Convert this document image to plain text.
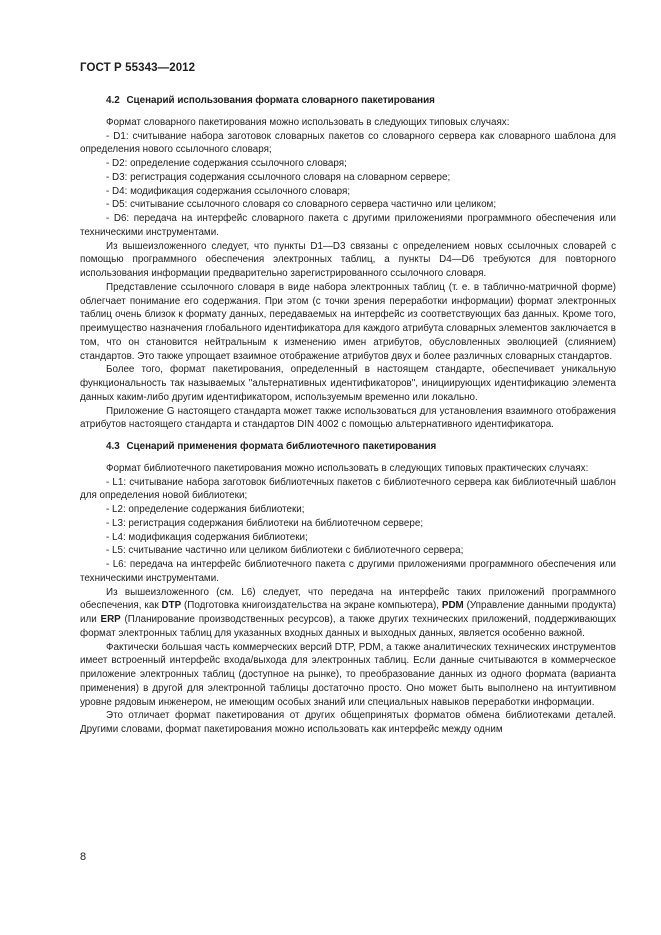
ГОСТ Р 55343—2012

4.2 Сценарий использования формата словарного пакетирования

Формат словарного пакетирования можно использовать в следующих типовых случаях:

- D1: считывание набора заготовок словарных пакетов со словарного сервера как словарного шаблона для определения нового ссылочного словаря;

- D2: определение содержания ссылочного словаря;

- D3: регистрация содержания ссылочного словаря на словарном сервере;

- D4: модификация содержания ссылочного словаря;

- D5: считывание ссылочного словаря со словарного сервера частично или целиком;

- D6: передача на интерфейс словарного пакета с другими приложениями программного обеспечения или техническими инструментами.

Из вышеизложенного следует, что пункты D1—D3 связаны с определением новых ссылочных словарей с помощью программного обеспечения электронных таблиц, а пункты D4—D6 требуются для повторного использования информации предварительно зарегистрированного ссылочного словаря.

Представление ссылочного словаря в виде набора электронных таблиц (т. е. в таблично-матричной форме) облегчает понимание его содержания. При этом (с точки зрения переработки информации) формат электронных таблиц очень близок к формату данных, передаваемых на интерфейс из соответствующих баз данных. Кроме того, преимущество назначения глобального идентификатора для каждого атрибута словарных элементов заключается в том, что он становится нейтральным к изменению имен атрибутов, обусловленных эволюцией (слиянием) стандартов. Это также упрощает взаимное отображение атрибутов двух и более различных словарных стандартов.

Более того, формат пакетирования, определенный в настоящем стандарте, обеспечивает уникальную функциональность так называемых "альтернативных идентификаторов", инициирующих идентификацию элемента данных каким-либо другим идентификатором, используемым временно или локально.

Приложение G настоящего стандарта может также использоваться для установления взаимного отображения атрибутов настоящего стандарта и стандартов DIN 4002 с помощью альтернативного идентификатора.

4.3 Сценарий применения формата библиотечного пакетирования

Формат библиотечного пакетирования можно использовать в следующих типовых практических случаях:

- L1: считывание набора заготовок библиотечных пакетов с библиотечного сервера как библиотечный шаблон для определения новой библиотеки;

- L2: определение содержания библиотеки;

- L3: регистрация содержания библиотеки на библиотечном сервере;

- L4: модификация содержания библиотеки;

- L5: считывание частично или целиком библиотеки с библиотечного сервера;

- L6: передача на интерфейс библиотечного пакета с другими приложениями программного обеспечения или техническими инструментами.

Из вышеизложенного (см. L6) следует, что передача на интерфейс таких приложений программного обеспечения, как DTP (Подготовка книгоиздательства на экране компьютера), PDM (Управление данными продукта) или ERP (Планирование производственных ресурсов), а также других технических приложений, поддерживающих формат электронных таблиц для указанных входных данных и выходных данных, является особенно важной.

Фактически большая часть коммерческих версий DTP, PDM, а также аналитических технических инструментов имеет встроенный интерфейс входа/выхода для электронных таблиц. Если данные считываются в коммерческое приложение электронных таблиц (доступное на рынке), то преобразование данных из одного формата (варианта применения) в другой для электронной таблицы достаточно просто. Оно может быть выполнено на интуитивном уровне рядовым инженером, не имеющим особых знаний или специальных навыков переработки информации.

Это отличает формат пакетирования от других общепринятых форматов обмена библиотеками деталей. Другими словами, формат пакетирования можно использовать как интерфейс между одним

8
